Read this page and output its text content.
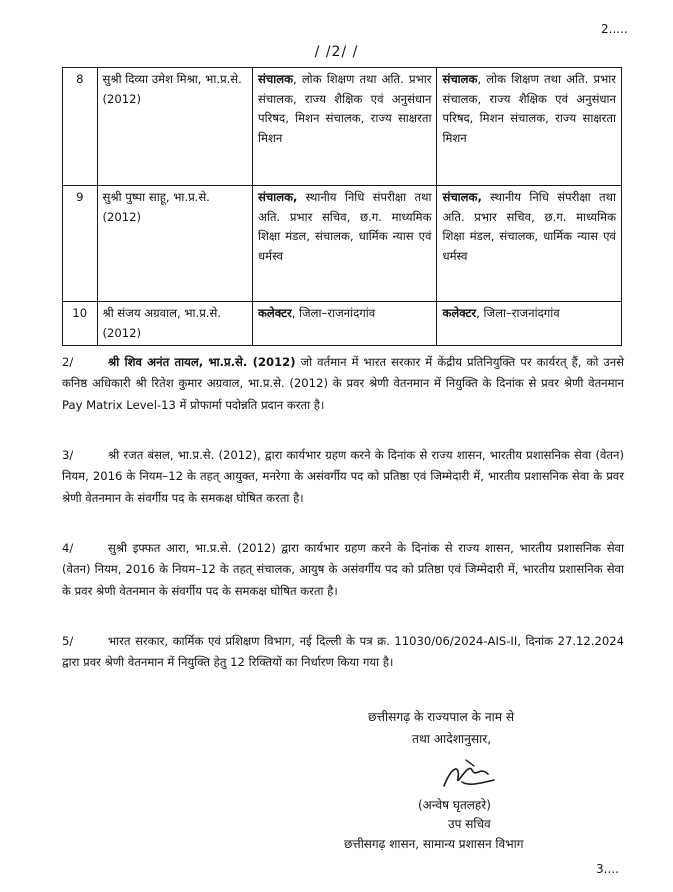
2.....
/ /2/ /
8	सुश्री दिव्या उमेश मिश्रा, भा.प्र.से. (2012)	संचालक, लोक शिक्षण तथा अति. प्रभार संचालक, राज्य शैक्षिक एवं अनुसंधान परिषद, मिशन संचालक, राज्य साक्षरता मिशन	संचालक, लोक शिक्षण तथा अति. प्रभार संचालक, राज्य शैक्षिक एवं अनुसंधान परिषद, मिशन संचालक, राज्य साक्षरता मिशन
9	सुश्री पुष्पा साहू, भा.प्र.से. (2012)	संचालक, स्थानीय निधि संपरीक्षा तथा अति. प्रभार सचिव, छ.ग. माध्यमिक शिक्षा मंडल, संचालक, धार्मिक न्यास एवं धर्मस्व	संचालक, स्थानीय निधि संपरीक्षा तथा अति. प्रभार सचिव, छ.ग. माध्यमिक शिक्षा मंडल, संचालक, धार्मिक न्यास एवं धर्मस्व
10	श्री संजय अग्रवाल, भा.प्र.से. (2012)	कलेक्टर, जिला–राजनांदगांव	कलेक्टर, जिला–राजनांदगांव
2/	श्री शिव अनंत तायल, भा.प्र.से. (2012) जो वर्तमान में भारत सरकार में केंद्रीय प्रतिनियुक्ति पर कार्यरत् हैं, को उनसे कनिष्ठ अधिकारी श्री रितेश कुमार अग्रवाल, भा.प्र.से. (2012) के प्रवर श्रेणी वेतनमान में नियुक्ति के दिनांक से प्रवर श्रेणी वेतनमान Pay Matrix Level-13 में प्रोफार्मा पदोन्नति प्रदान करता है।
3/	श्री रजत बंसल, भा.प्र.से. (2012), द्वारा कार्यभार ग्रहण करने के दिनांक से राज्य शासन, भारतीय प्रशासनिक सेवा (वेतन) नियम, 2016 के नियम–12 के तहत् आयुक्त, मनरेगा के असंवर्गीय पद को प्रतिष्ठा एवं जिम्मेदारी में, भारतीय प्रशासनिक सेवा के प्रवर श्रेणी वेतनमान के संवर्गीय पद के समकक्ष घोषित करता है।
4/	सुश्री इफ्फत आरा, भा.प्र.से. (2012) द्वारा कार्यभार ग्रहण करने के दिनांक से राज्य शासन, भारतीय प्रशासनिक सेवा (वेतन) नियम, 2016 के नियम–12 के तहत् संचालक, आयुष के असंवर्गीय पद को प्रतिष्ठा एवं जिम्मेदारी में, भारतीय प्रशासनिक सेवा के प्रवर श्रेणी वेतनमान के संवर्गीय पद के समकक्ष घोषित करता है।
5/	भारत सरकार, कार्मिक एवं प्रशिक्षण विभाग, नई दिल्ली के पत्र क्र. 11030/06/2024-AIS-II, दिनांक 27.12.2024 द्वारा प्रवर श्रेणी वेतनमान में नियुक्ति हेतु 12 रिक्तियों का निर्धारण किया गया है।
छत्तीसगढ़ के राज्यपाल के नाम से
तथा आदेशानुसार,
(अन्वेष घृतलहरे)
उप सचिव
छत्तीसगढ़ शासन, सामान्य प्रशासन विभाग
3....
